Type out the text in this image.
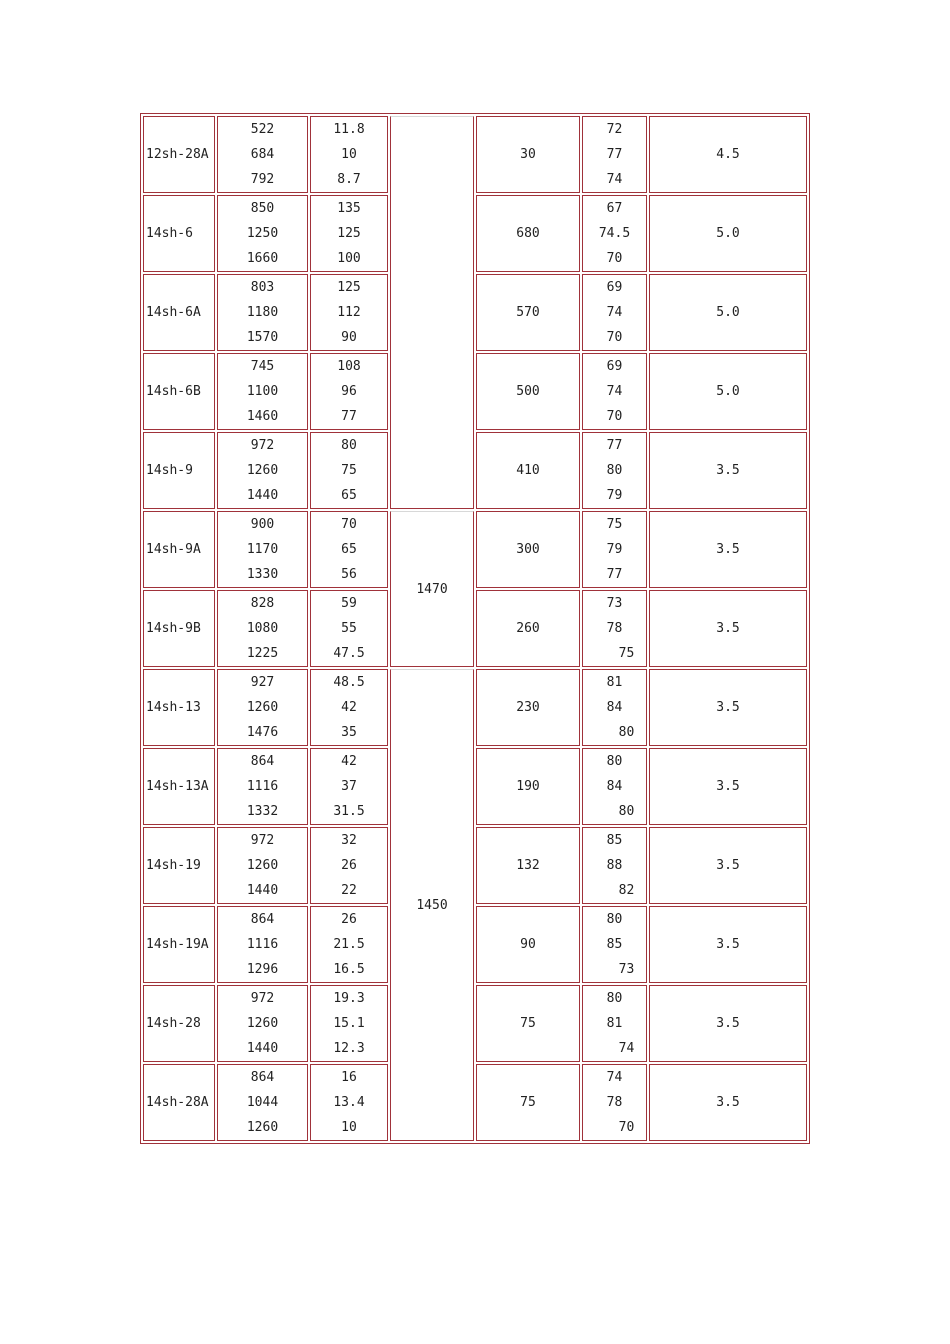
12sh-28A	522
684
792	11.8
10
8.7		30	72
77
74	4.5
14sh-6	850
1250
1660	135
125
100		680	67
74.5
70	5.0
14sh-6A	803
1180
1570	125
112
90		570	69
74
70	5.0
14sh-6B	745
1100
1460	108
96
77		500	69
74
70	5.0
14sh-9	972
1260
1440	80
75
65		410	77
80
79	3.5
14sh-9A	900
1170
1330	70
65
56	1470	300	75
79
77	3.5
14sh-9B	828
1080
1225	59
55
47.5		260	73
78
75	3.5
14sh-13	927
1260
1476	48.5
42
35	1450	230	81
84
80	3.5
14sh-13A	864
1116
1332	42
37
31.5		190	80
84
80	3.5
14sh-19	972
1260
1440	32
26
22		132	85
88
82	3.5
14sh-19A	864
1116
1296	26
21.5
16.5		90	80
85
73	3.5
14sh-28	972
1260
1440	19.3
15.1
12.3		75	80
81
74	3.5
14sh-28A	864
1044
1260	16
13.4
10		75	74
78
70	3.5
